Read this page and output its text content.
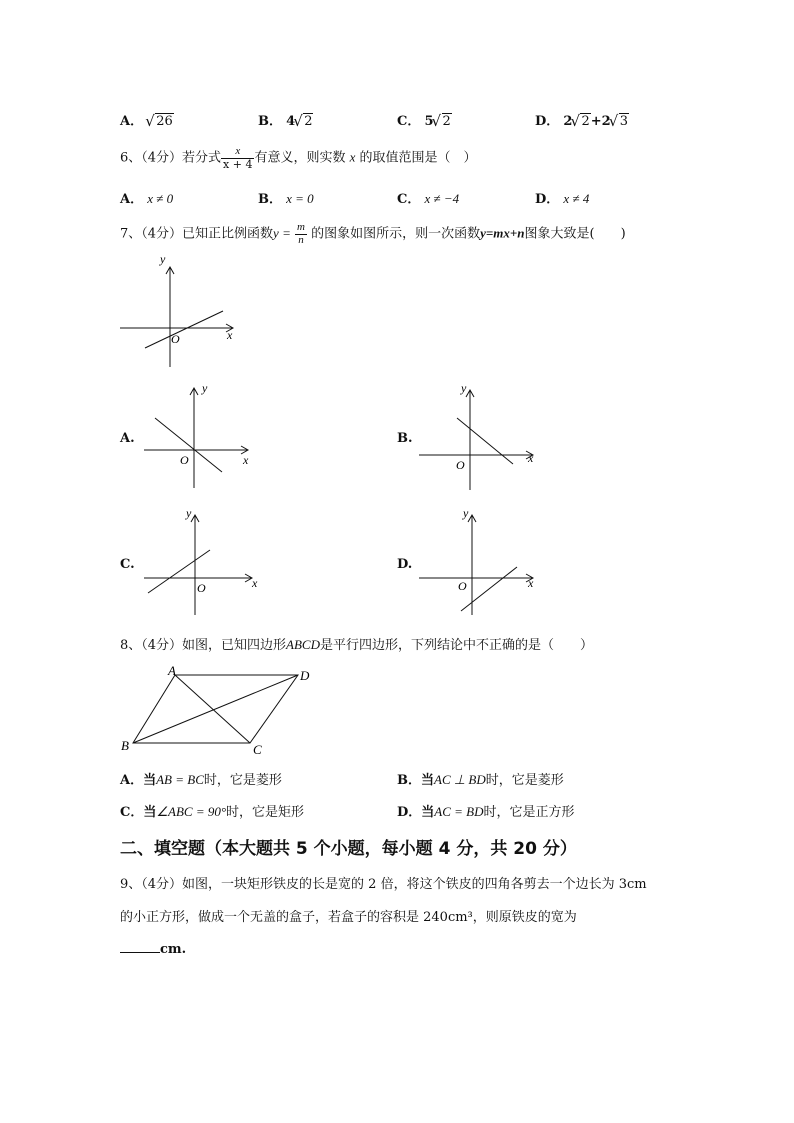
A． √ 26	B． 4 √ 2	C． 5 √ 2	D． 2 √ 2+2 √ 3
6、（4分）若分式 $\frac{x}{x + 4}$ 有意义，则实数 x 的取值范围是（　）
A． x ≠ 0	B． x = 0	C． x ≠ −4	D． x ≠ 4
7、（4分）已知正比例函数$y = \frac{m}{n}$ 的图象如图所示，则一次函数y=mx+n图象大致是(　　)
y
x
O
A.
y
x
O
B.
y
x
O
C.
y
x
O
D.
y
x
O
8、（4分）如图，已知四边形ABCD是平行四边形，下列结论中不正确的是（　　）
A	D
B	C
A．当AB = BC时，它是菱形	B．当AC ⊥ BD时，它是菱形
C．当∠ABC = 90°时，它是矩形	D．当AC = BD时，它是正方形
二、填空题（本大题共 5 个小题，每小题 4 分，共 20 分）
9、（4分）如图，一块矩形铁皮的长是宽的 2 倍，将这个铁皮的四角各剪去一个边长为 3cm
的小正方形，做成一个无盖的盒子，若盒子的容积是 240cm³，则原铁皮的宽为
cm.
